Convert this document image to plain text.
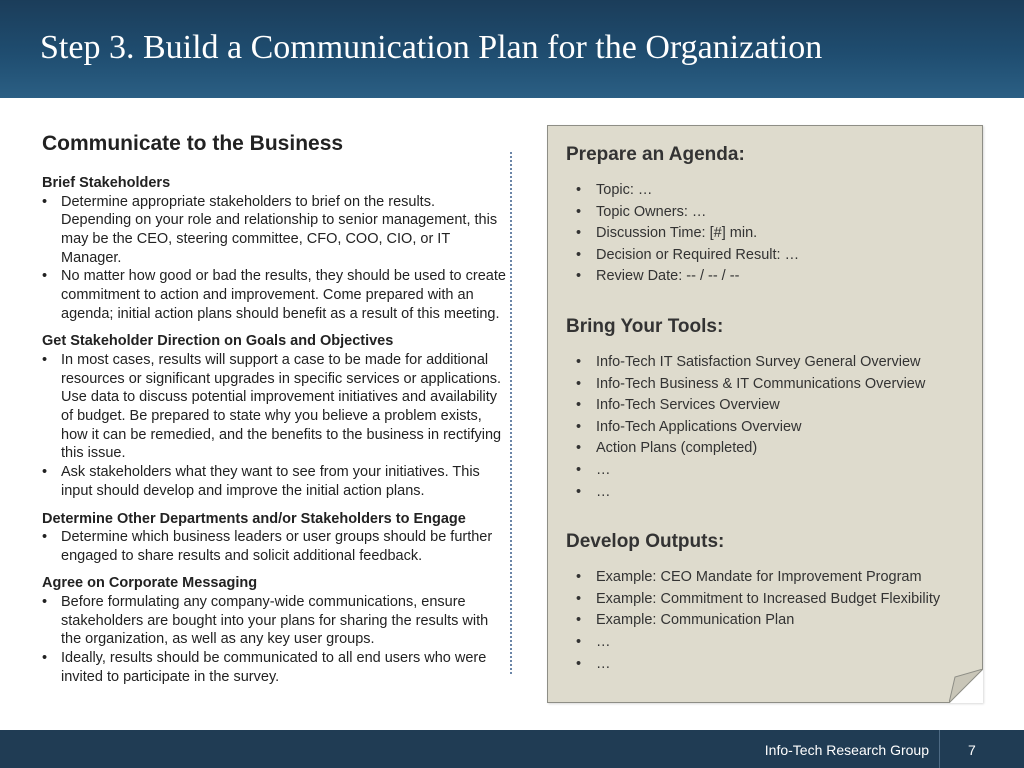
Step 3. Build a Communication Plan for the Organization
Communicate to the Business
Brief Stakeholders
• Determine appropriate stakeholders to brief on the results. Depending on your role and relationship to senior management, this may be the CEO, steering committee, CFO, COO, CIO, or IT Manager.
• No matter how good or bad the results, they should be used to create commitment to action and improvement. Come prepared with an agenda; initial action plans should benefit as a result of this meeting.
Get Stakeholder Direction on Goals and Objectives
• In most cases, results will support a case to be made for additional resources or significant upgrades in specific services or applications. Use data to discuss potential improvement initiatives and availability of budget. Be prepared to state why you believe a problem exists, how it can be remedied, and the benefits to the business in rectifying this issue.
• Ask stakeholders what they want to see from your initiatives. This input should develop and improve the initial action plans.
Determine Other Departments and/or Stakeholders to Engage
• Determine which business leaders or user groups should be further engaged to share results and solicit additional feedback.
Agree on Corporate Messaging
• Before formulating any company-wide communications, ensure stakeholders are bought into your plans for sharing the results with the organization, as well as any key user groups.
• Ideally, results should be communicated to all end users who were invited to participate in the survey.
Prepare an Agenda:
• Topic: …
• Topic Owners: …
• Discussion Time: [#] min.
• Decision or Required Result: …
• Review Date: -- / -- / --
Bring Your Tools:
• Info-Tech IT Satisfaction Survey General Overview
• Info-Tech Business & IT Communications Overview
• Info-Tech Services Overview
• Info-Tech Applications Overview
• Action Plans (completed)
• …
• …
Develop Outputs:
• Example: CEO Mandate for Improvement Program
• Example: Commitment to Increased Budget Flexibility
• Example: Communication Plan
• …
• …
Info-Tech Research Group	7
